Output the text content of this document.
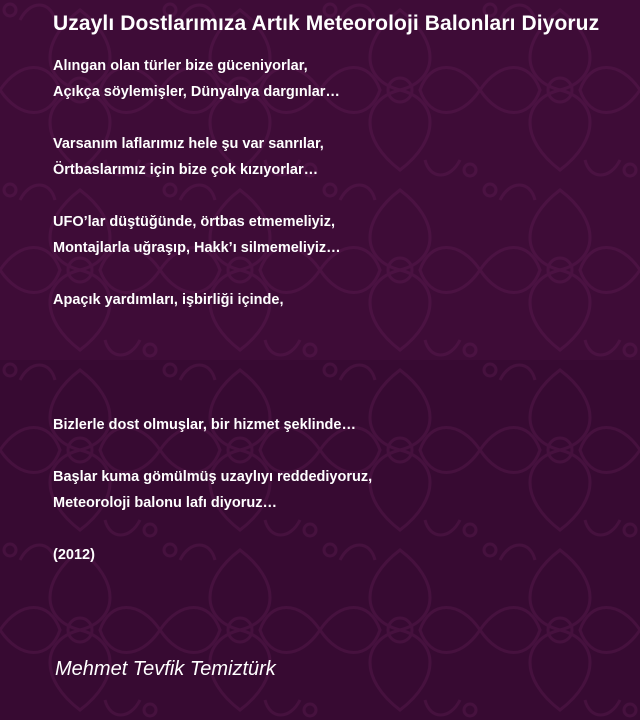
Uzaylı Dostlarımıza Artık Meteoroloji Balonları Diyoruz
Alıngan olan türler bize güceniyorlar,
Açıkça söylemişler, Dünyalıya dargınlar…
Varsanım laflarımız hele şu var sanrılar,
Örtbaslarımız için bize çok kızıyorlar…
UFO’lar düştüğünde, örtbas etmemeliyiz,
Montajlarla uğraşıp, Hakk’ı silmemeliyiz…
Apaçık yardımları, işbirliği içinde,
Bizlerle dost olmuşlar, bir hizmet şeklinde…
Başlar kuma gömülmüş uzaylıyı reddediyoruz,
Meteoroloji balonu lafı diyoruz…
(2012)
Mehmet Tevfik Temiztürk
